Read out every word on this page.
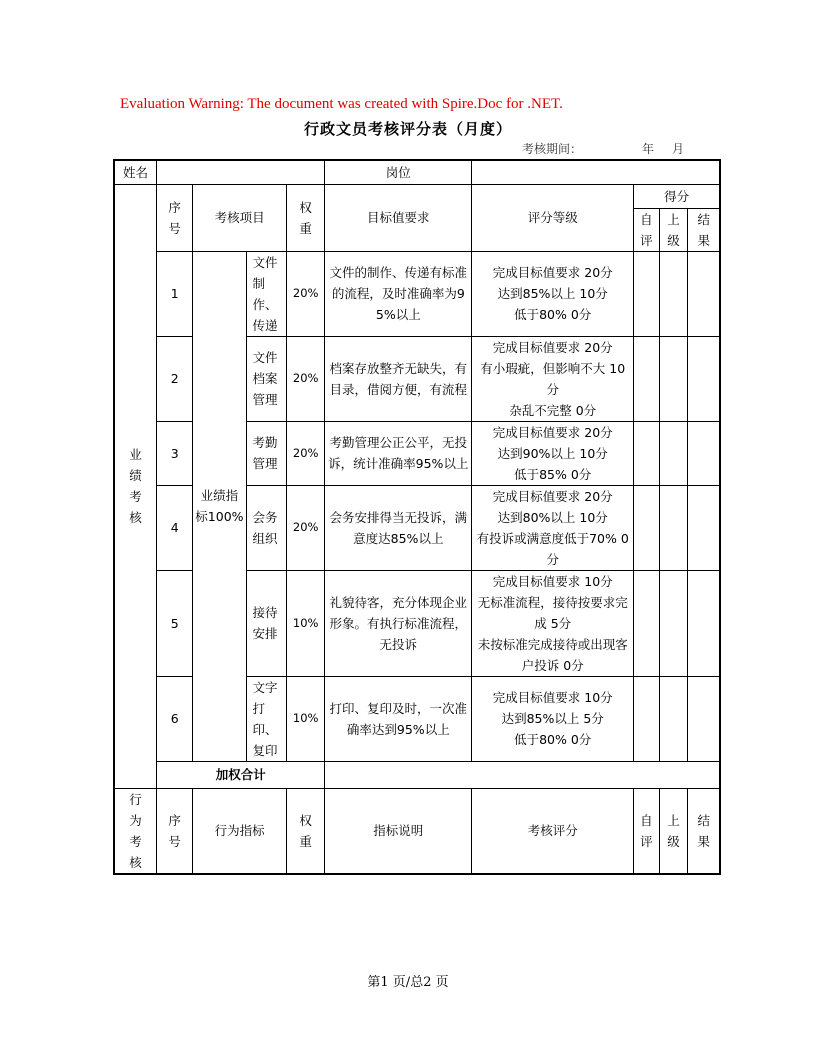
Evaluation Warning: The document was created with Spire.Doc for .NET.
行政文员考核评分表（月度）
考核期间：	年 月
姓名					岗位				
业绩考核	序号	考核项目		权重	目标值要求	评分等级	得分		
							自评	上级	结果
	1	业绩指标100%	文件制作、传递	20%	文件的制作、传递有标准的流程，及时准确率为95%以上	完成目标值要求 20分
达到85%以上 10分
低于80% 0分			

	2		文件档案管理	20%	档案存放整齐无缺失，有目录，借阅方便，有流程	完成目标值要求 20分
有小瑕疵，但影响不大 10分
杂乱不完整 0分			

	3		考勤管理	20%	考勤管理公正公平，无投诉，统计准确率95%以上	完成目标值要求 20分
达到90%以上 10分
低于85% 0分			

	4		会务组织	20%	会务安排得当无投诉，满意度达85%以上	完成目标值要求 20分
达到80%以上 10分
有投诉或满意度低于70% 0分			

	5		接待安排	10%	礼貌待客，充分体现企业形象。有执行标准流程，无投诉	完成目标值要求 10分
无标准流程，接待按要求完成 5分
未按标准完成接待或出现客户投诉 0分			

	6		文字打印、复印	10%	打印、复印及时，一次准确率达到95%以上	完成目标值要求 10分
达到85%以上 5分
低于80% 0分			

	加权合计								
行为考核	序号	行为指标		权重	指标说明	考核评分	自评	上级	结果
第1 页/总2 页
